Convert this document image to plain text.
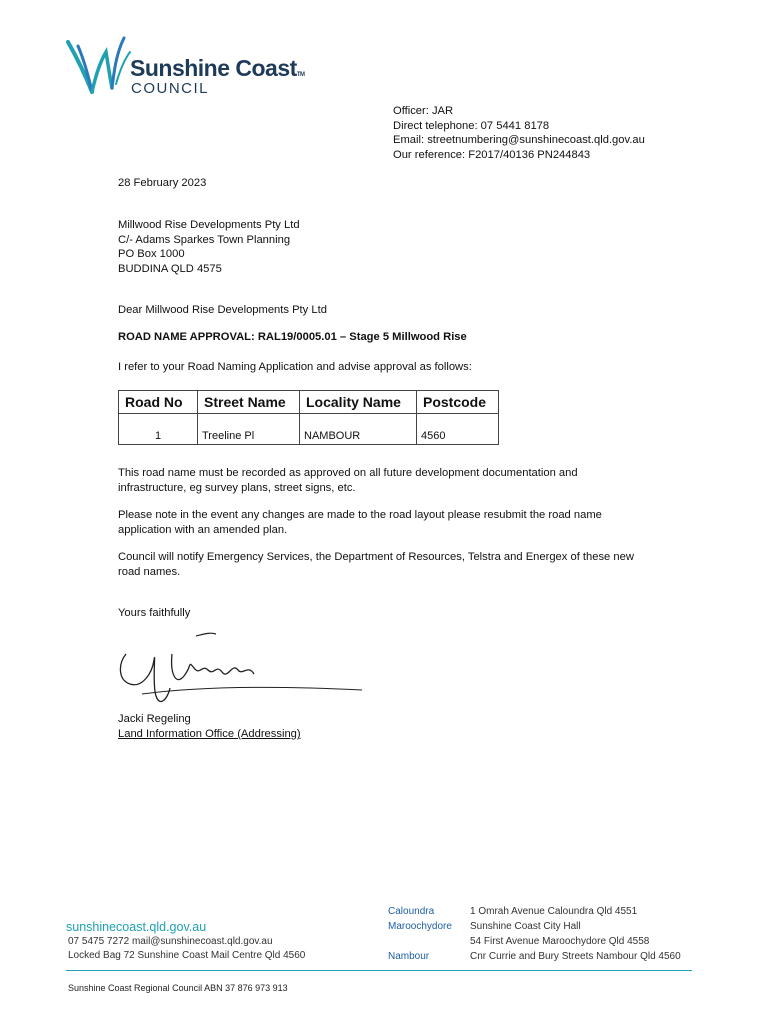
Sunshine CoastTM
COUNCIL
Officer: JAR
Direct telephone: 07 5441 8178
Email: streetnumbering@sunshinecoast.qld.gov.au
Our reference: F2017/40136 PN244843
28 February 2023
Millwood Rise Developments Pty Ltd
C/- Adams Sparkes Town Planning
PO Box 1000
BUDDINA QLD 4575
Dear Millwood Rise Developments Pty Ltd
ROAD NAME APPROVAL: RAL19/0005.01 – Stage 5 Millwood Rise
I refer to your Road Naming Application and advise approval as follows:
Road No	Street Name	Locality Name	Postcode
1	Treeline Pl	NAMBOUR	4560
This road name must be recorded as approved on all future development documentation and infrastructure, eg survey plans, street signs, etc.
Please note in the event any changes are made to the road layout please resubmit the road name application with an amended plan.
Council will notify Emergency Services, the Department of Resources, Telstra and Energex of these new road names.
Yours faithfully
Jacki Regeling
Land Information Office (Addressing)
sunshinecoast.qld.gov.au
07 5475 7272 mail@sunshinecoast.qld.gov.au
Locked Bag 72 Sunshine Coast Mail Centre Qld 4560
Caloundra	1 Omrah Avenue Caloundra Qld 4551
Maroochydore Sunshine Coast City Hall
54 First Avenue Maroochydore Qld 4558
Nambour	Cnr Currie and Bury Streets Nambour Qld 4560
Sunshine Coast Regional Council ABN 37 876 973 913
